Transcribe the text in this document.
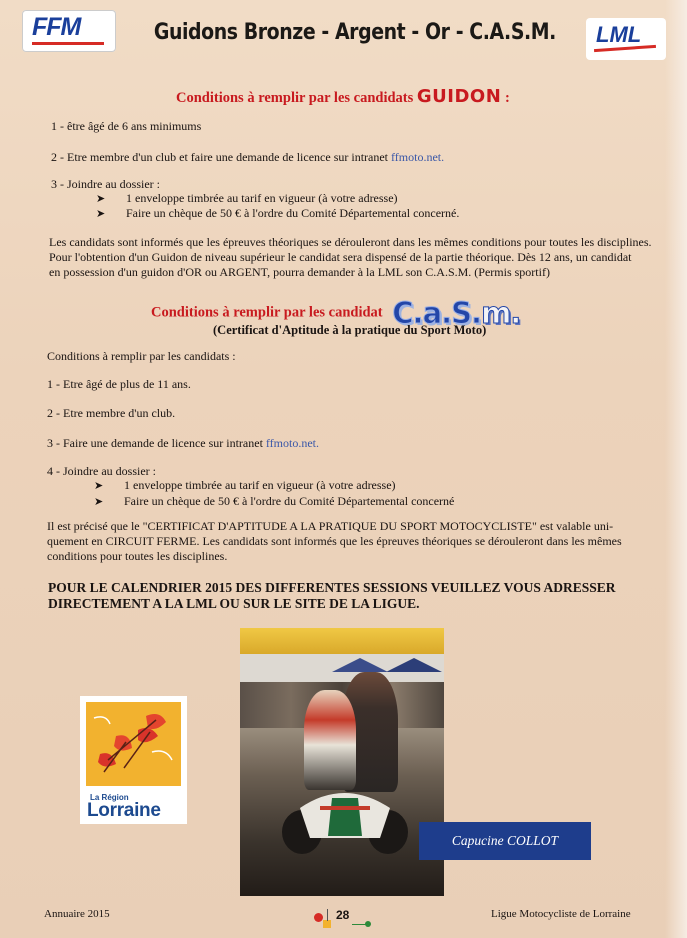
FFM	Guidons Bronze - Argent - Or - C.A.S.M. LML
Conditions à remplir par les candidats GUIDON :
1 - être âgé de 6 ans minimums
2 - Etre membre d'un club et faire une demande de licence sur intranet ffmoto.net.
3 - Joindre au dossier :
➤ 1 enveloppe timbrée au tarif en vigueur (à votre adresse)
➤ Faire un chèque de 50 € à l'ordre du Comité Départemental concerné.
Les candidats sont informés que les épreuves théoriques se dérouleront dans les mêmes conditions pour toutes les disciplines.
Pour l'obtention d'un Guidon de niveau supérieur le candidat sera dispensé de la partie théorique. Dès 12 ans, un candidat
en possession d'un guidon d'OR ou ARGENT, pourra demander à la LML son C.A.S.M. (Permis sportif)
Conditions à remplir par les candidat C.a.S.m.
(Certificat d'Aptitude à la pratique du Sport Moto)
Conditions à remplir par les candidats :
1 - Etre âgé de plus de 11 ans.
2 - Etre membre d'un club.
3 - Faire une demande de licence sur intranet ffmoto.net.
4 - Joindre au dossier :
➤ 1 enveloppe timbrée au tarif en vigueur (à votre adresse)
➤ Faire un chèque de 50 € à l'ordre du Comité Départemental concerné
Il est précisé que le "CERTIFICAT D'APTITUDE A LA PRATIQUE DU SPORT MOTOCYCLISTE" est valable uni-
quement en CIRCUIT FERME. Les candidats sont informés que les épreuves théoriques se dérouleront dans les mêmes
conditions pour toutes les disciplines.
POUR LE CALENDRIER 2015 DES DIFFERENTES SESSIONS VEUILLEZ VOUS ADRESSER
DIRECTEMENT A LA LML OU SUR LE SITE DE LA LIGUE.
La Région
Lorraine
Capucine COLLOT
Annuaire 2015	28	Ligue Motocycliste de Lorraine
